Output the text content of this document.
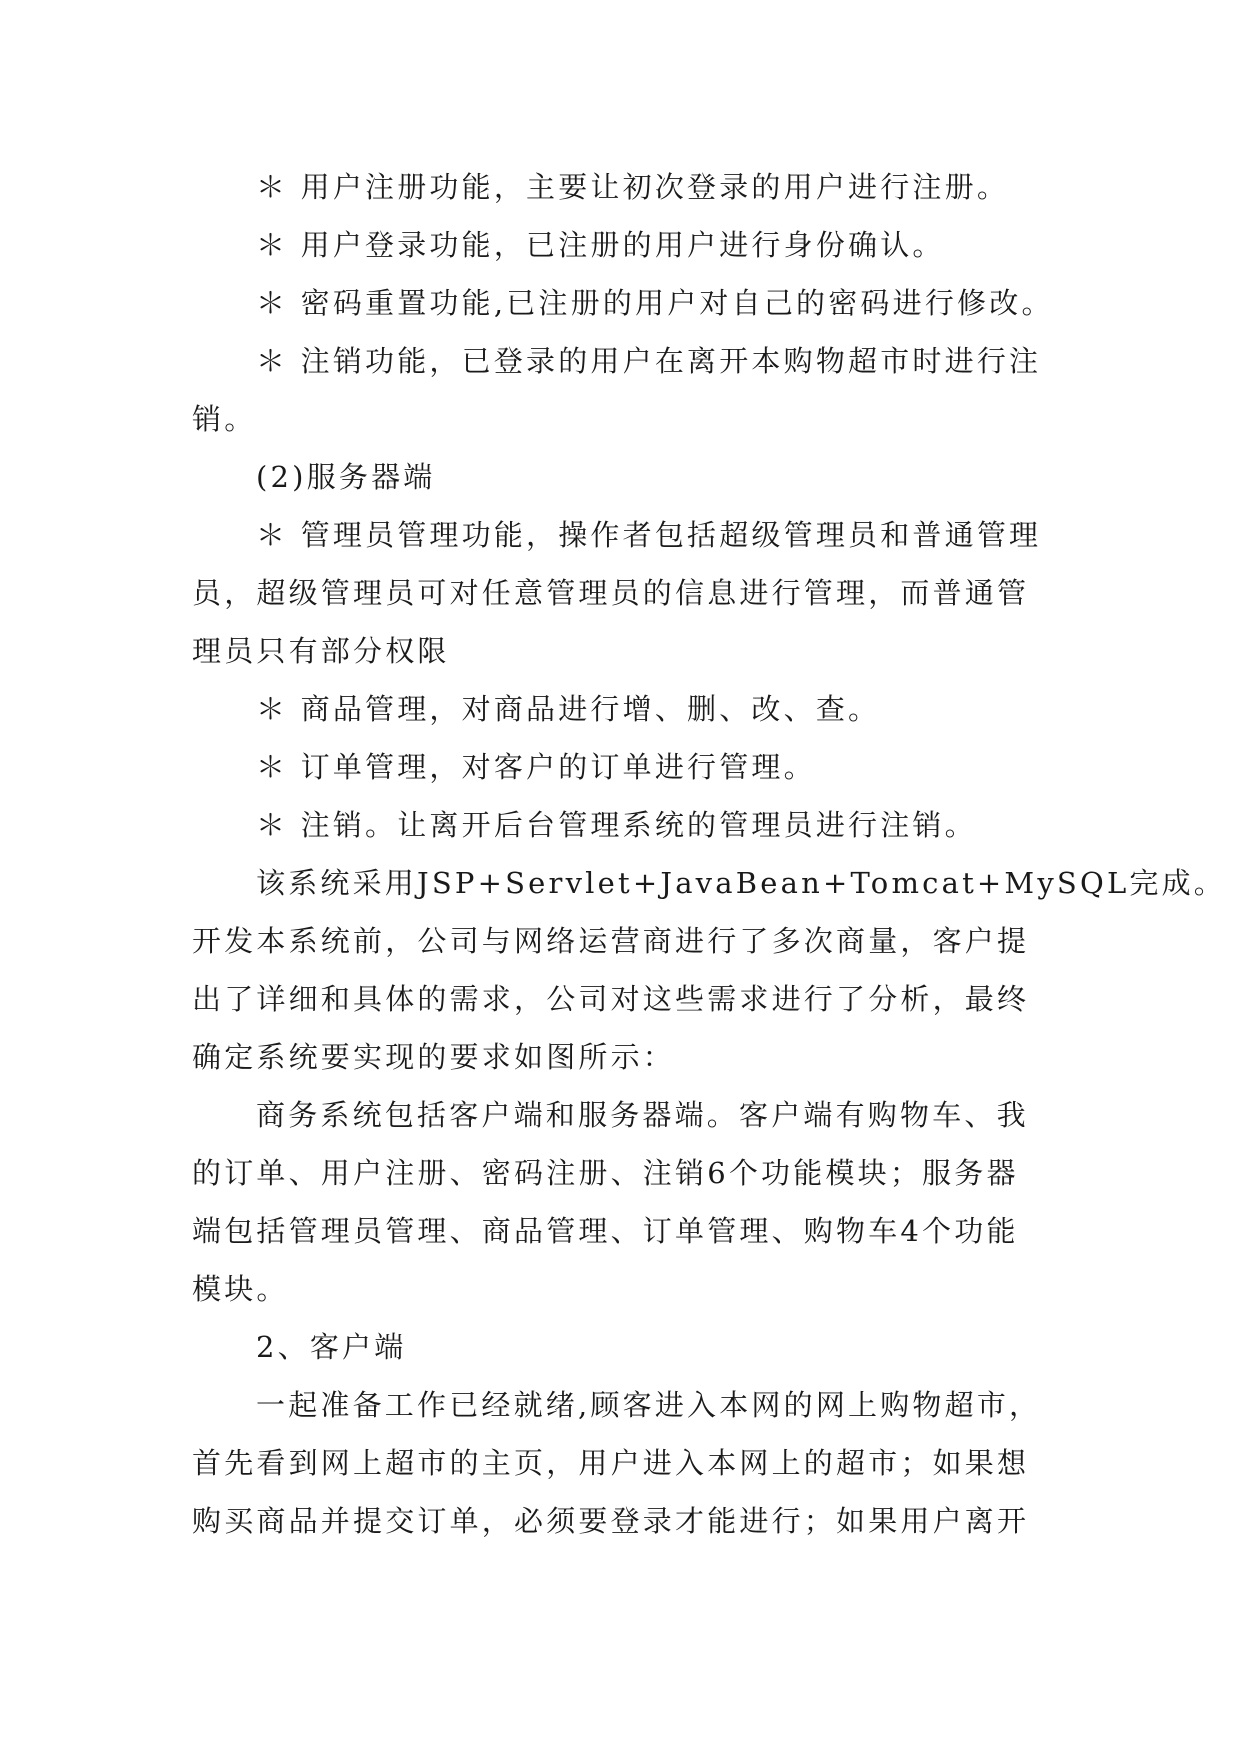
＊ 用户注册功能，主要让初次登录的用户进行注册。
＊ 用户登录功能，已注册的用户进行身份确认。
＊ 密码重置功能,已注册的用户对自己的密码进行修改。
＊ 注销功能，已登录的用户在离开本购物超市时进行注
销。
(2)服务器端
＊ 管理员管理功能，操作者包括超级管理员和普通管理
员，超级管理员可对任意管理员的信息进行管理，而普通管
理员只有部分权限
＊ 商品管理，对商品进行增、删、改、查。
＊ 订单管理，对客户的订单进行管理。
＊ 注销。让离开后台管理系统的管理员进行注销。
该系统采用JSP+Servlet+JavaBean+Tomcat+MySQL完成。
开发本系统前，公司与网络运营商进行了多次商量，客户提
出了详细和具体的需求，公司对这些需求进行了分析，最终
确定系统要实现的要求如图所示：
商务系统包括客户端和服务器端。客户端有购物车、我
的订单、用户注册、密码注册、注销6个功能模块；服务器
端包括管理员管理、商品管理、订单管理、购物车4个功能
模块。
2、客户端
一起准备工作已经就绪,顾客进入本网的网上购物超市，
首先看到网上超市的主页，用户进入本网上的超市；如果想
购买商品并提交订单，必须要登录才能进行；如果用户离开
